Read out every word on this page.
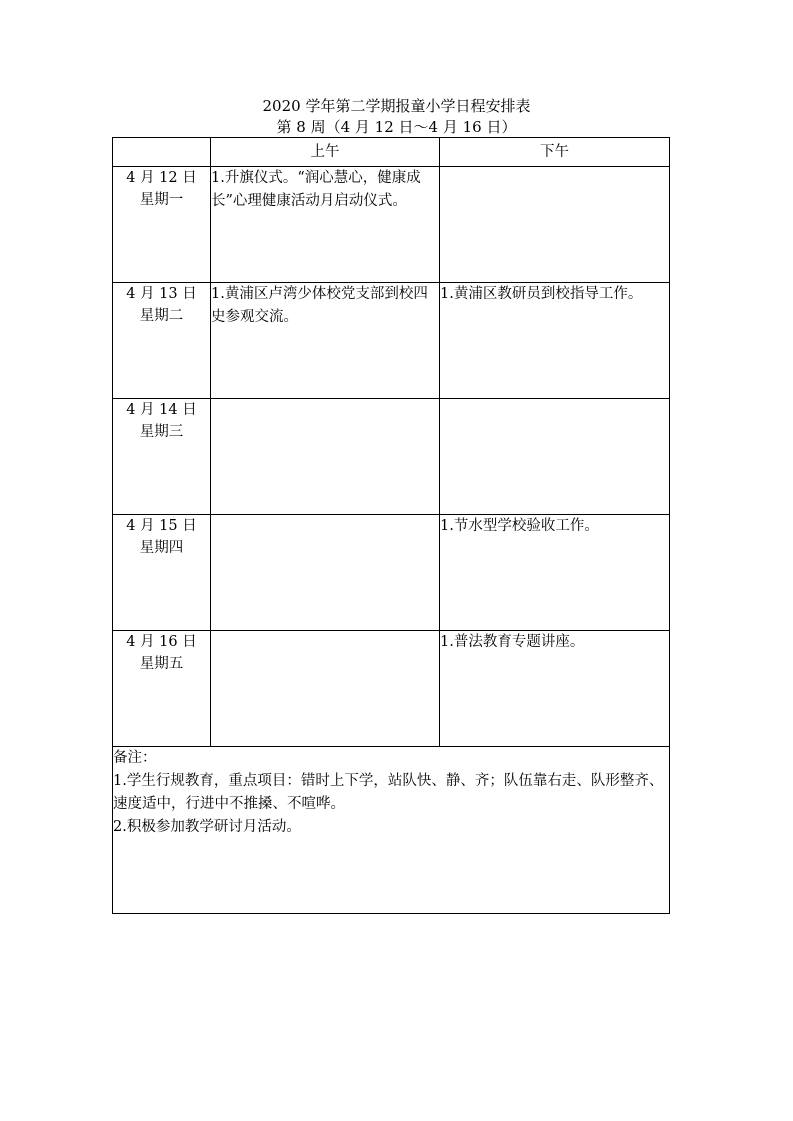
2020 学年第二学期报童小学日程安排表
第 8 周（4 月 12 日～4 月 16 日）
	上午	下午

4 月 12 日
星期一	1.升旗仪式。“润心慧心，健康成长”心理健康活动月启动仪式。	

4 月 13 日
星期二	1.黄浦区卢湾少体校党支部到校四史参观交流。	1.黄浦区教研员到校指导工作。

4 月 14 日
星期三		

4 月 15 日
星期四		1.节水型学校验收工作。

4 月 16 日
星期五		1.普法教育专题讲座。

备注：
1.学生行规教育，重点项目：错时上下学，站队快、静、齐；队伍靠右走、队形整齐、速度适中，行进中不推搡、不喧哗。
2.积极参加教学研讨月活动。		
